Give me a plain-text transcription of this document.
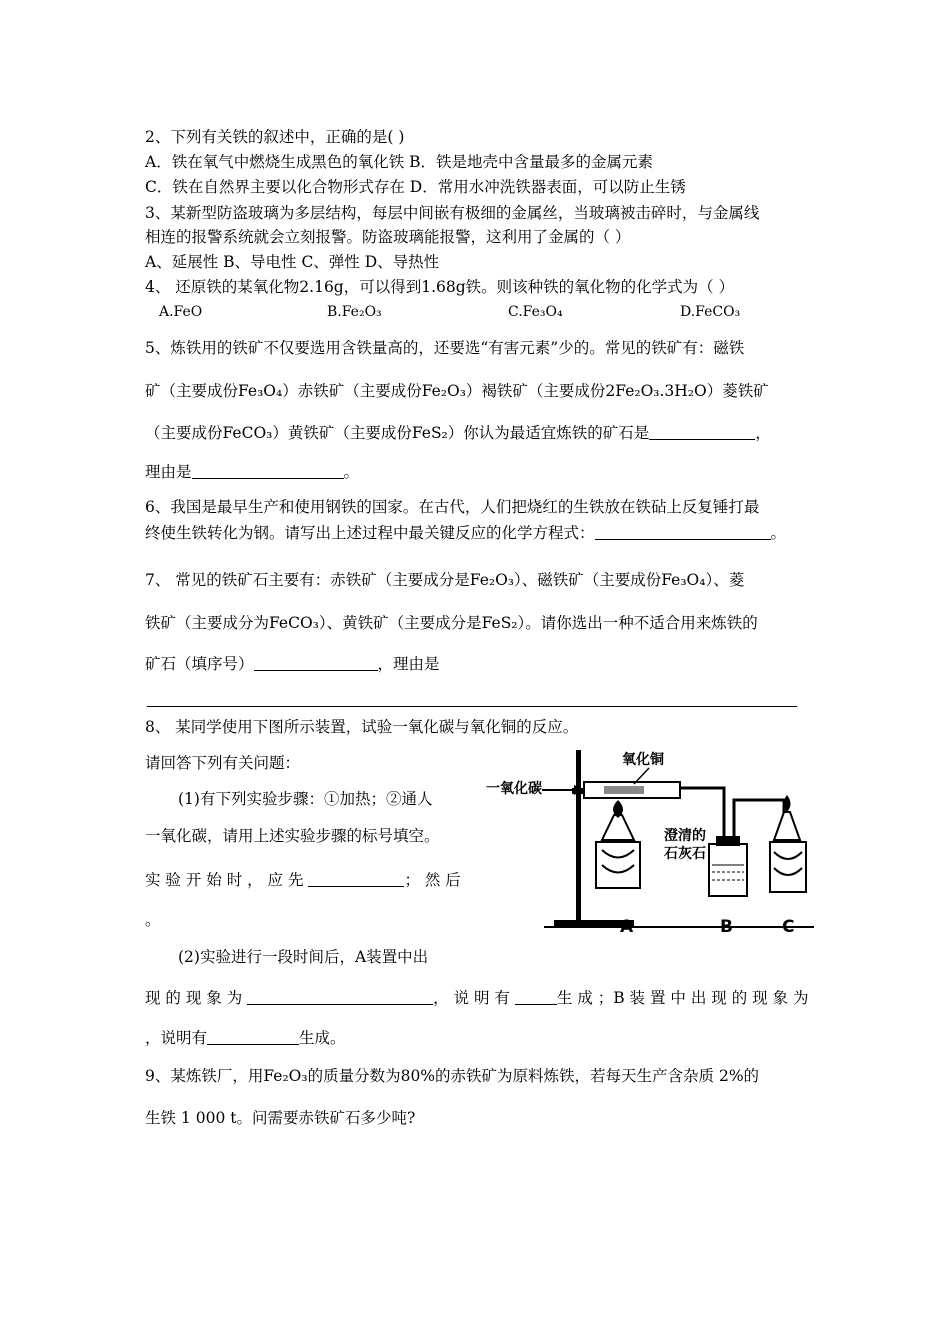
2、下列有关铁的叙述中，正确的是( )
A．铁在氧气中燃烧生成黑色的氧化铁 B．铁是地壳中含量最多的金属元素
C．铁在自然界主要以化合物形式存在 D．常用水冲洗铁器表面，可以防止生锈
3、某新型防盗玻璃为多层结构，每层中间嵌有极细的金属丝，当玻璃被击碎时，与金属线
相连的报警系统就会立刻报警。防盗玻璃能报警，这利用了金属的（ ）
A、延展性 B、导电性 C、弹性 D、导热性
4、 还原铁的某氧化物2.16g，可以得到1.68g铁。则该种铁的氧化物的化学式为（ ）
A.FeO	B.Fe₂O₃	C.Fe₃O₄	D.FeCO₃
5、炼铁用的铁矿不仅要选用含铁量高的，还要选“有害元素”少的。常见的铁矿有：磁铁
矿（主要成份Fe₃O₄）赤铁矿（主要成份Fe₂O₃）褐铁矿（主要成份2Fe₂O₃.3H₂O）菱铁矿
（主要成份FeCO₃）黄铁矿（主要成份FeS₂）你认为最适宜炼铁的矿石是	，
理由是	。
6、我国是最早生产和使用钢铁的国家。在古代，人们把烧红的生铁放在铁砧上反复锤打最
终使生铁转化为钢。请写出上述过程中最关键反应的化学方程式：	。
7、 常见的铁矿石主要有：赤铁矿（主要成分是Fe₂O₃）、磁铁矿（主要成份Fe₃O₄）、菱
铁矿（主要成分为FeCO₃）、黄铁矿（主要成分是FeS₂）。请你选出一种不适合用来炼铁的
矿石（填序号）	，理由是
8、 某同学使用下图所示装置，试验一氧化碳与氧化铜的反应。
请回答下列有关问题：
(1)有下列实验步骤：①加热；②通人
一氧化碳，请用上述实验步骤的标号填空。
实 验 开 始 时 ， 应 先	； 然 后
。
(2)实验进行一段时间后，A装置中出
现 的 现 象 为	， 说 明 有	生 成 ；B 装 置 中 出 现 的 现 象 为
，说明有	生成。
一氧化碳
氧化铜
澄清的
石灰石
A	B	C
9、某炼铁厂，用Fe₂O₃的质量分数为80%的赤铁矿为原料炼铁，若每天生产含杂质 2%的
生铁 1 000 t。问需要赤铁矿石多少吨?
